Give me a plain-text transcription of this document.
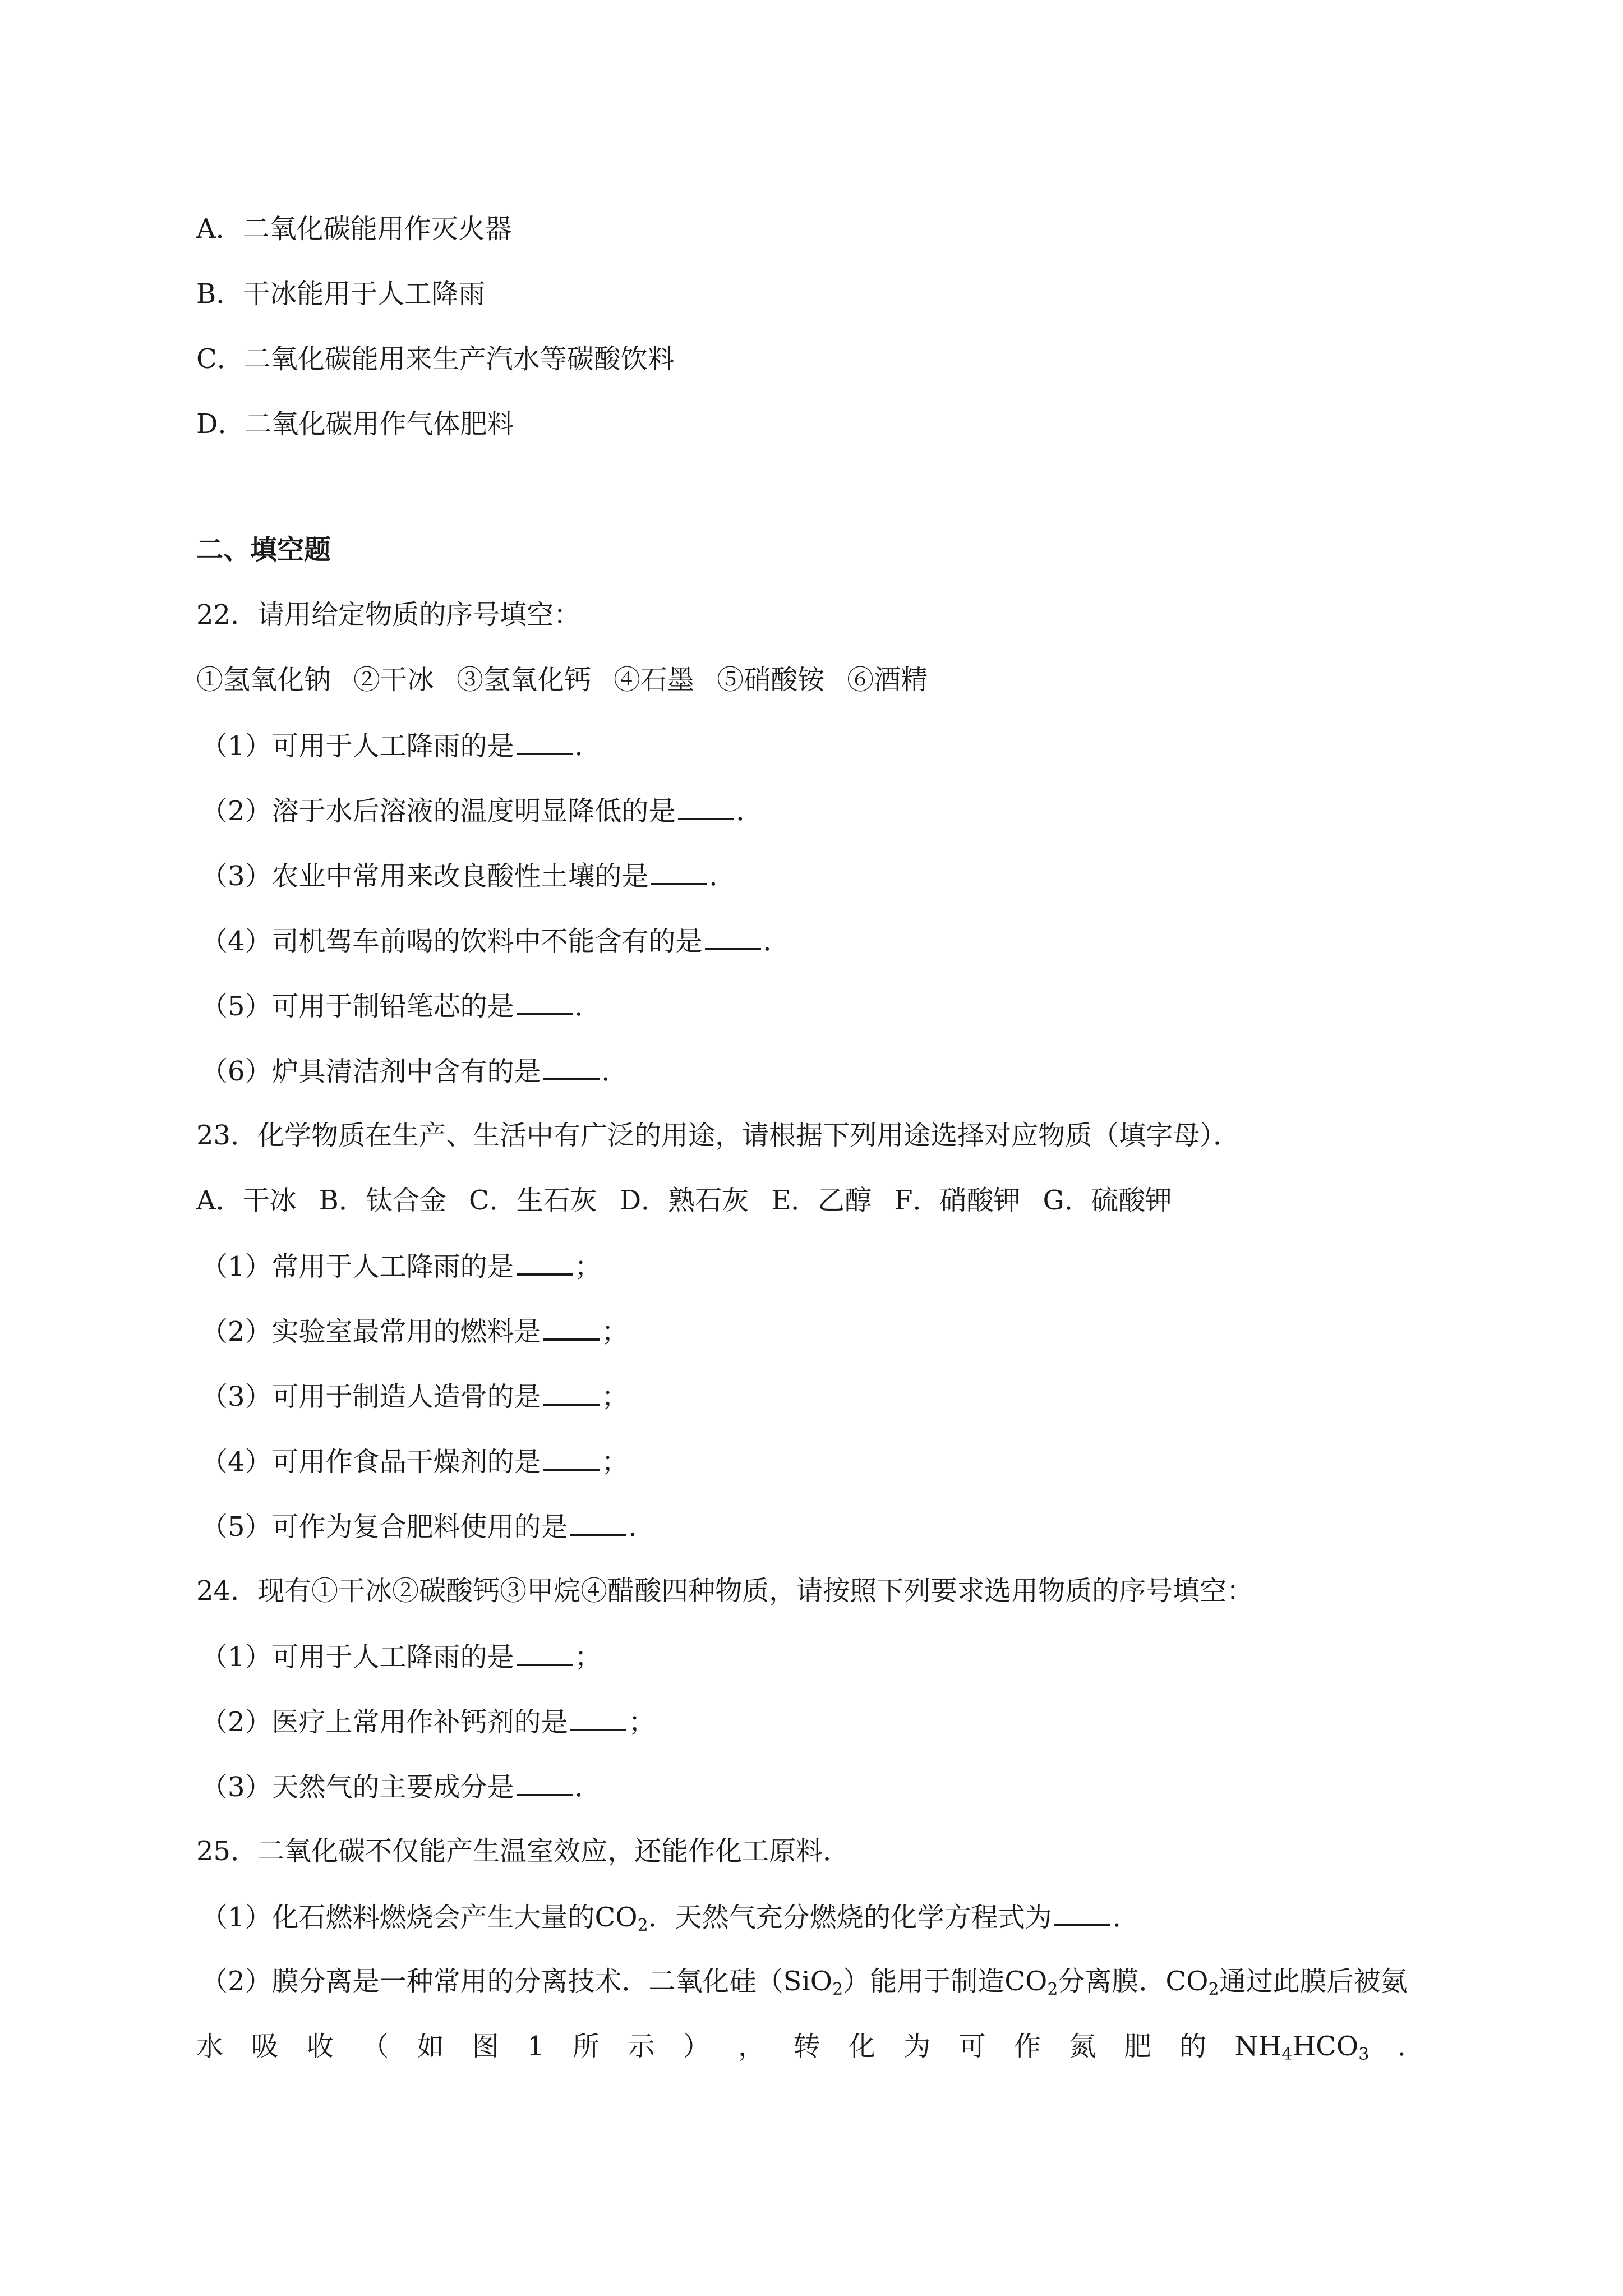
A．二氧化碳能用作灭火器
B．干冰能用于人工降雨
C．二氧化碳能用来生产汽水等碳酸饮料
D．二氧化碳用作气体肥料
二、填空题
22．请用给定物质的序号填空：
①氢氧化钠 ②干冰 ③氢氧化钙 ④石墨 ⑤硝酸铵 ⑥酒精
（1）可用于人工降雨的是 ．
（2）溶于水后溶液的温度明显降低的是 ．
（3）农业中常用来改良酸性土壤的是 ．
（4）司机驾车前喝的饮料中不能含有的是 ．
（5）可用于制铅笔芯的是 ．
（6）炉具清洁剂中含有的是 ．
23．化学物质在生产、生活中有广泛的用途，请根据下列用途选择对应物质（填字母）．
A．干冰 B．钛合金 C．生石灰 D．熟石灰 E．乙醇 F．硝酸钾 G．硫酸钾
（1）常用于人工降雨的是 ；
（2）实验室最常用的燃料是 ；
（3）可用于制造人造骨的是 ；
（4）可用作食品干燥剂的是 ；
（5）可作为复合肥料使用的是 ．
24．现有①干冰②碳酸钙③甲烷④醋酸四种物质，请按照下列要求选用物质的序号填空：
（1）可用于人工降雨的是 ；
（2）医疗上常用作补钙剂的是 ；
（3）天然气的主要成分是 ．
25．二氧化碳不仅能产生温室效应，还能作化工原料．
（1）化石燃料燃烧会产生大量的$CO_2$．天然气充分燃烧的化学方程式为 ．
（2）膜分离是一种常用的分离技术．二氧化硅（SiO$_2$）能用于制造$CO_2$分离膜．$CO_2$通过此膜后被氨
水 吸 收 （ 如 图 1 所 示 ） ， 转 化 为 可 作 氮 肥 的 $NH_4HCO_3$ ．
